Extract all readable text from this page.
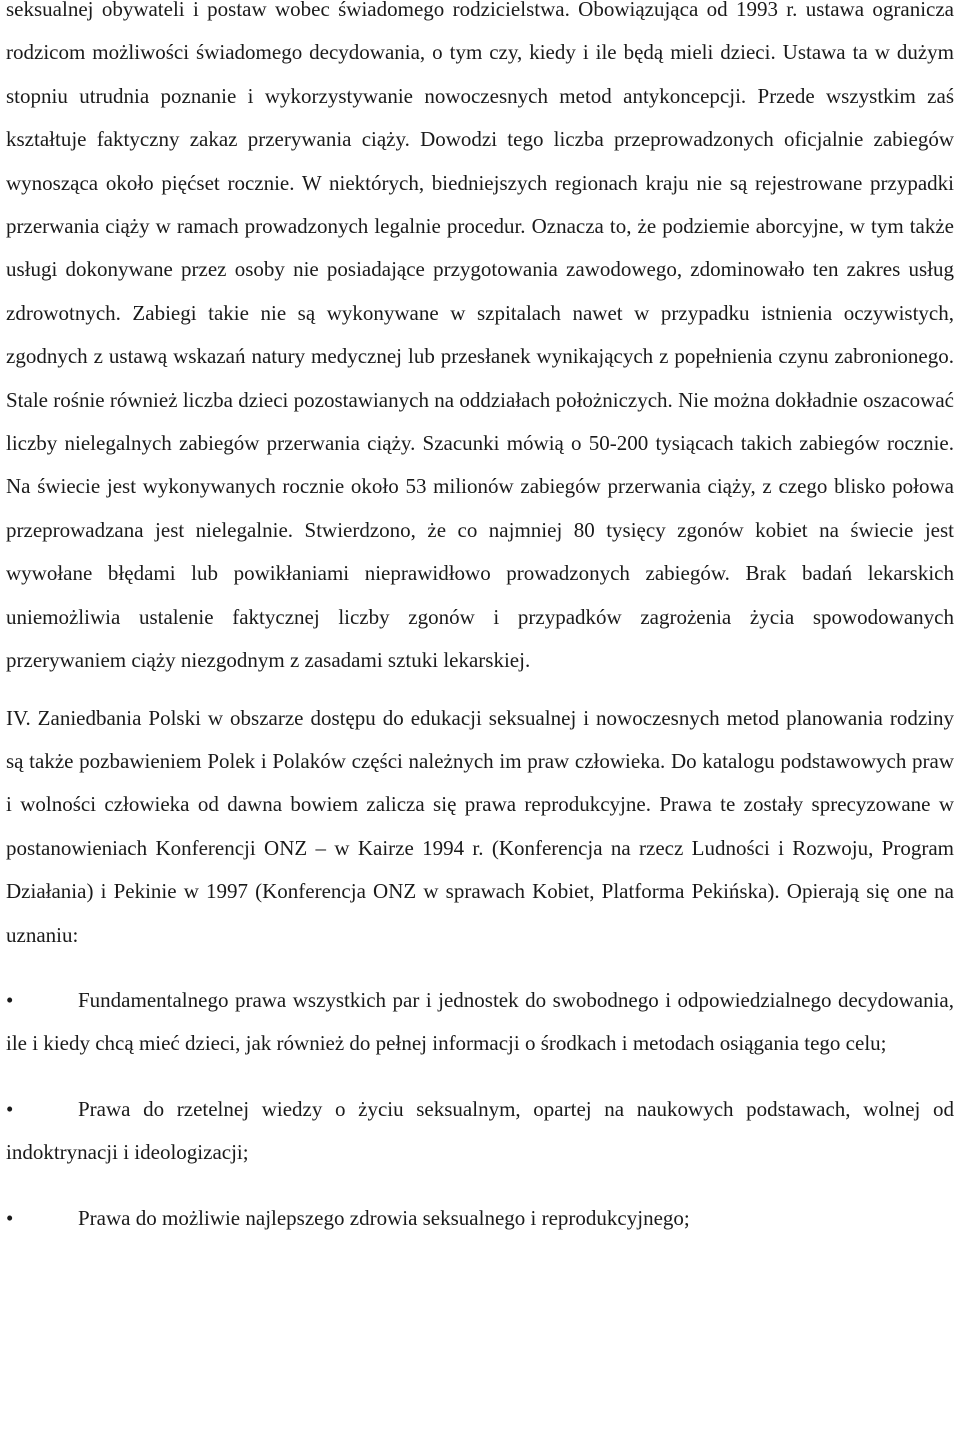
seksualnej obywateli i postaw wobec świadomego rodzicielstwa. Obowiązująca od 1993 r. ustawa ogranicza rodzicom możliwości świadomego decydowania, o tym czy, kiedy i ile będą mieli dzieci. Ustawa ta w dużym stopniu utrudnia poznanie i wykorzystywanie nowoczesnych metod antykoncepcji. Przede wszystkim zaś kształtuje faktyczny zakaz przerywania ciąży. Dowodzi tego liczba przeprowadzonych oficjalnie zabiegów wynosząca około pięćset rocznie. W niektórych, biedniejszych regionach kraju nie są rejestrowane przypadki przerwania ciąży w ramach prowadzonych legalnie procedur. Oznacza to, że podziemie aborcyjne, w tym także usługi dokonywane przez osoby nie posiadające przygotowania zawodowego, zdominowało ten zakres usług zdrowotnych. Zabiegi takie nie są wykonywane w szpitalach nawet w przypadku istnienia oczywistych, zgodnych z ustawą wskazań natury medycznej lub przesłanek wynikających z popełnienia czynu zabronionego. Stale rośnie również liczba dzieci pozostawianych na oddziałach położniczych. Nie można dokładnie oszacować liczby nielegalnych zabiegów przerwania ciąży. Szacunki mówią o 50-200 tysiącach takich zabiegów rocznie. Na świecie jest wykonywanych rocznie około 53 milionów zabiegów przerwania ciąży, z czego blisko połowa przeprowadzana jest nielegalnie. Stwierdzono, że co najmniej 80 tysięcy zgonów kobiet na świecie jest wywołane błędami lub powikłaniami nieprawidłowo prowadzonych zabiegów. Brak badań lekarskich uniemożliwia ustalenie faktycznej liczby zgonów i przypadków zagrożenia życia spowodowanych przerywaniem ciąży niezgodnym z zasadami sztuki lekarskiej.

IV. Zaniedbania Polski w obszarze dostępu do edukacji seksualnej i nowoczesnych metod planowania rodziny są także pozbawieniem Polek i Polaków części należnych im praw człowieka. Do katalogu podstawowych praw i wolności człowieka od dawna bowiem zalicza się prawa reprodukcyjne. Prawa te zostały sprecyzowane w postanowieniach Konferencji ONZ – w Kairze 1994 r. (Konferencja na rzecz Ludności i Rozwoju, Program Działania) i Pekinie w 1997 (Konferencja ONZ w sprawach Kobiet, Platforma Pekińska). Opierają się one na uznaniu:

•	Fundamentalnego prawa wszystkich par i jednostek do swobodnego i odpowiedzialnego decydowania, ile i kiedy chcą mieć dzieci, jak również do pełnej informacji o środkach i metodach osiągania tego celu;

•	Prawa do rzetelnej wiedzy o życiu seksualnym, opartej na naukowych podstawach, wolnej od indoktrynacji i ideologizacji;

•	Prawa do możliwie najlepszego zdrowia seksualnego i reprodukcyjnego;
